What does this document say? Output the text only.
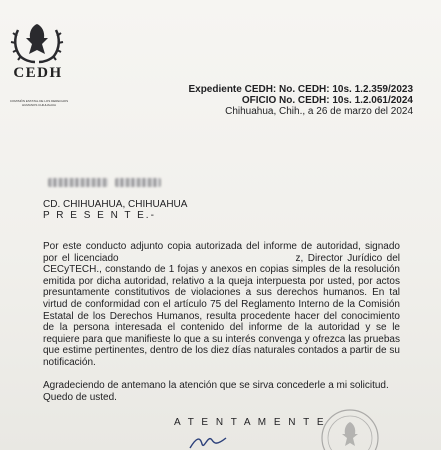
CEDH
COMISIÓN ESTATAL DE LOS DERECHOS HUMANOS CHIHUAHUA
Expediente CEDH: No. CEDH: 10s. 1.2.359/2023
OFICIO No. CEDH: 10s. 1.2.061/2024
Chihuahua, Chih., a 26 de marzo del 2024
CD. CHIHUAHUA, CHIHUAHUA
P R E S E N T E.-

Por este conducto adjunto copia autorizada del informe de autoridad, signado por el licenciado	z, Director Jurídico del CECyTECH., constando de 1 fojas y anexos en copias simples de la resolución emitida por dicha autoridad, relativo a la queja interpuesta por usted, por actos presuntamente constitutivos de violaciones a sus derechos humanos. En tal virtud de conformidad con el artículo 75 del Reglamento Interno de la Comisión Estatal de los Derechos Humanos, resulta procedente hacer del conocimiento de la persona interesada el contenido del informe de la autoridad y se le requiere para que manifieste lo que a su interés convenga y ofrezca las pruebas que estime pertinentes, dentro de los diez días naturales contados a partir de su notificación.

Agradeciendo de antemano la atención que se sirva concederle a mi solicitud. Quedo de usted.
A T E N T A M E N T E
